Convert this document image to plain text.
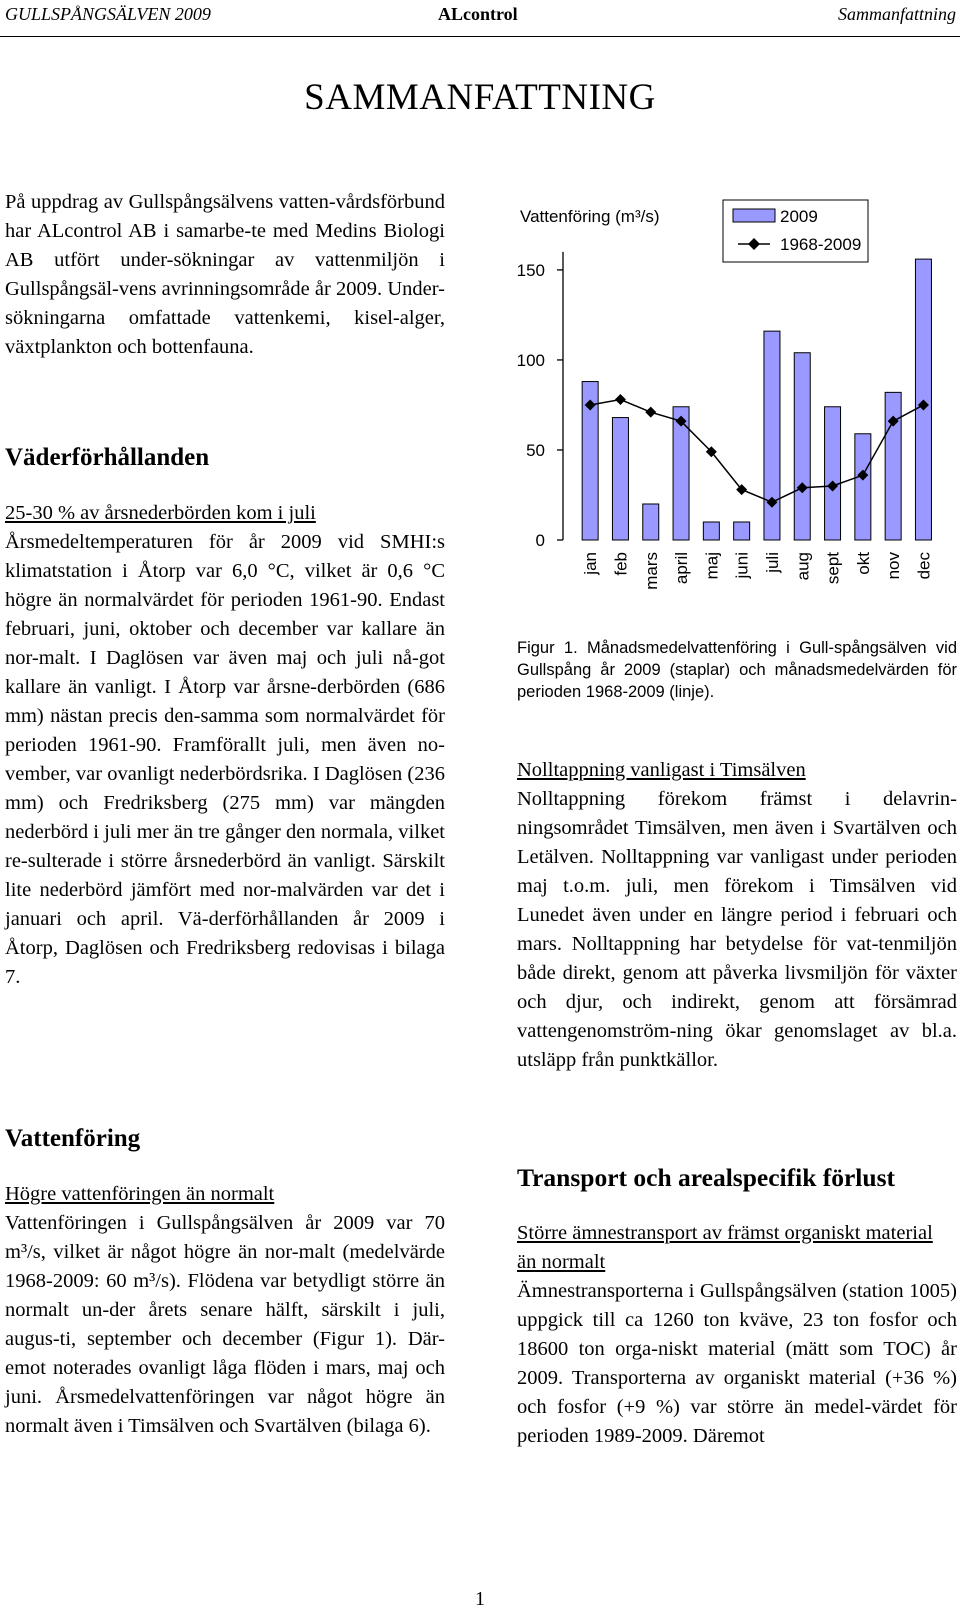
GULLSPÅNGSÄLVEN 2009	ALcontrol	Sammanfattning
SAMMANFATTNING

På uppdrag av Gullspångsälvens vatten-vårdsförbund har ALcontrol AB i samarbe-te med Medins Biologi AB utfört under-sökningar av vattenmiljön i Gullspångsäl-vens avrinningsområde år 2009. Under-sökningarna omfattade vattenkemi, kisel-alger, växtplankton och bottenfauna.

Väderförhållanden
25-30 % av årsnederbörden kom i juli

Årsmedeltemperaturen för år 2009 vid SMHI:s klimatstation i Åtorp var 6,0 °C, vilket är 0,6 °C högre än normalvärdet för perioden 1961-90. Endast februari, juni, oktober och december var kallare än nor-malt. I Daglösen var även maj och juli nå-got kallare än vanligt. I Åtorp var årsne-derbörden (686 mm) nästan precis den-samma som normalvärdet för perioden 1961-90. Framförallt juli, men även no-vember, var ovanligt nederbördsrika. I Daglösen (236 mm) och Fredriksberg (275 mm) var mängden nederbörd i juli mer än tre gånger den normala, vilket re-sulterade i större årsnederbörd än vanligt. Särskilt lite nederbörd jämfört med nor-malvärden var det i januari och april. Vä-derförhållanden år 2009 i Åtorp, Daglösen och Fredriksberg redovisas i bilaga 7.

Vattenföring
Högre vattenföringen än normalt

Vattenföringen i Gullspångsälven år 2009 var 70 m³/s, vilket är något högre än nor-malt (medelvärde 1968-2009: 60 m³/s). Flödena var betydligt större än normalt un-der årets senare hälft, särskilt i juli, augus-ti, september och december (Figur 1). Där-emot noterades ovanligt låga flöden i mars, maj och juni. Årsmedelvattenföringen var något högre än normalt även i Timsälven och Svartälven (bilaga 6).

Vattenföring (m³/s)
0
50
100
150
jan feb mars april maj juni juli aug sept okt nov dec
2009
1968-2009
Figur 1. Månadsmedelvattenföring i Gull-spångsälven vid Gullspång år 2009 (staplar) och månadsmedelvärden för perioden 1968-2009 (linje).
Nolltappning vanligast i Timsälven

Nolltappning förekom främst i delavrin-ningsområdet Timsälven, men även i Svartälven och Letälven. Nolltappning var vanligast under perioden maj t.o.m. juli, men förekom i Timsälven vid Lunedet även under en längre period i februari och mars. Nolltappning har betydelse för vat-tenmiljön både direkt, genom att påverka livsmiljön för växter och djur, och indirekt, genom att försämrad vattengenomström-ning ökar genomslaget av bl.a. utsläpp från punktkällor.

Transport och arealspecifik förlust
Större ämnestransport av främst organiskt material än normalt

Ämnestransporterna i Gullspångsälven (station 1005) uppgick till ca 1260 ton kväve, 23 ton fosfor och 18600 ton orga-niskt material (mätt som TOC) år 2009. Transporterna av organiskt material (+36 %) och fosfor (+9 %) var större än medel-värdet för perioden 1989-2009. Däremot

1
